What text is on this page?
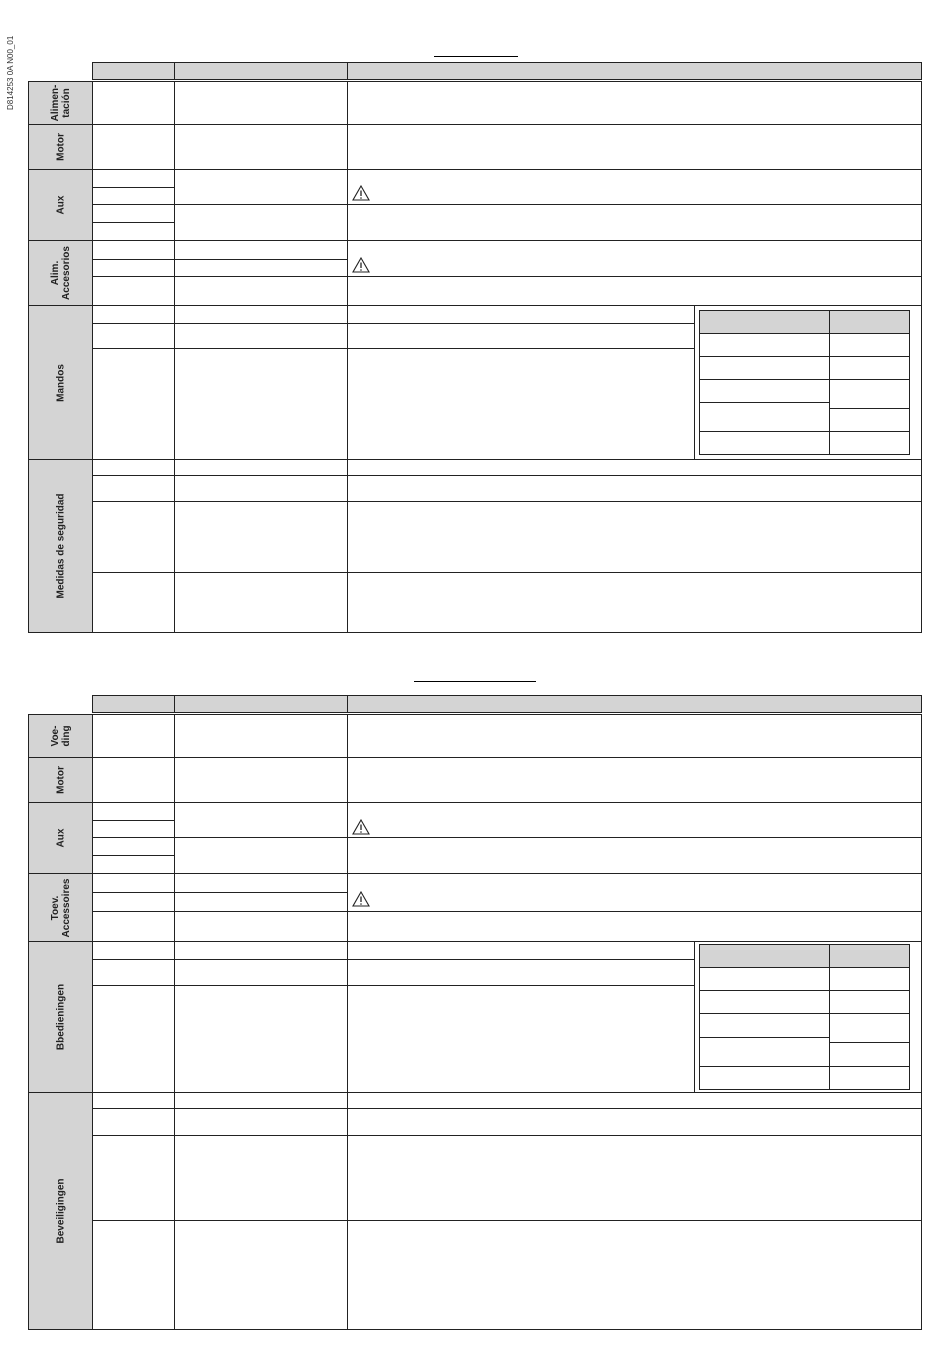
D814253 0A N00_01	Alimen-
tación
Motor
Aux
Alim.
Accesorios
Mandos
Medidas de seguridad
Voe-
ding
Motor
Aux
Toev.
Accessoires
Bbedieningen
Beveiligingen
